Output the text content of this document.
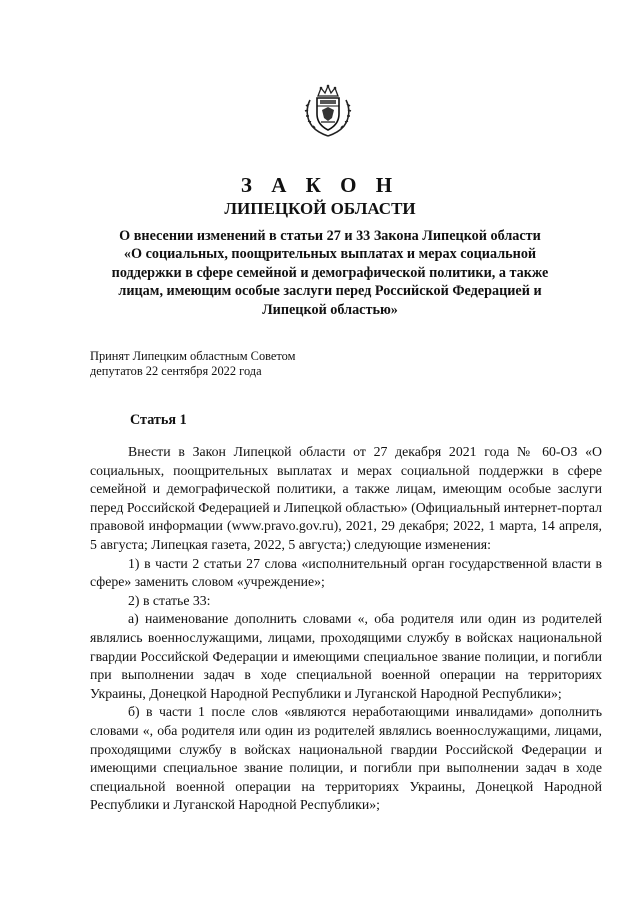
З А К О Н
ЛИПЕЦКОЙ ОБЛАСТИ
О внесении изменений в статьи 27 и 33 Закона Липецкой области
«О социальных, поощрительных выплатах и мерах социальной
поддержки в сфере семейной и демографической политики, а также
лицам, имеющим особые заслуги перед Российской Федерацией и
Липецкой областью»
Принят Липецким областным Советом
депутатов 22 сентября 2022 года
Статья 1

Внести в Закон Липецкой области от 27 декабря 2021 года № 60-ОЗ «О социальных, поощрительных выплатах и мерах социальной поддержки в сфере семейной и демографической политики, а также лицам, имеющим особые заслуги перед Российской Федерацией и Липецкой областью» (Официальный интернет-портал правовой информации (www.pravo.gov.ru), 2021, 29 декабря; 2022, 1 марта, 14 апреля, 5 августа; Липецкая газета, 2022, 5 августа;) следующие изменения:

1) в части 2 статьи 27 слова «исполнительный орган государственной власти в сфере» заменить словом «учреждение»;

2) в статье 33:

а) наименование дополнить словами «, оба родителя или один из родителей являлись военнослужащими, лицами, проходящими службу в войсках национальной гвардии Российской Федерации и имеющими специальное звание полиции, и погибли при выполнении задач в ходе специальной военной операции на территориях Украины, Донецкой Народной Республики и Луганской Народной Республики»;

б) в части 1 после слов «являются неработающими инвалидами» дополнить словами «, оба родителя или один из родителей являлись военнослужащими, лицами, проходящими службу в войсках национальной гвардии Российской Федерации и имеющими специальное звание полиции, и погибли при выполнении задач в ходе специальной военной операции на территориях Украины, Донецкой Народной Республики и Луганской Народной Республики»;
